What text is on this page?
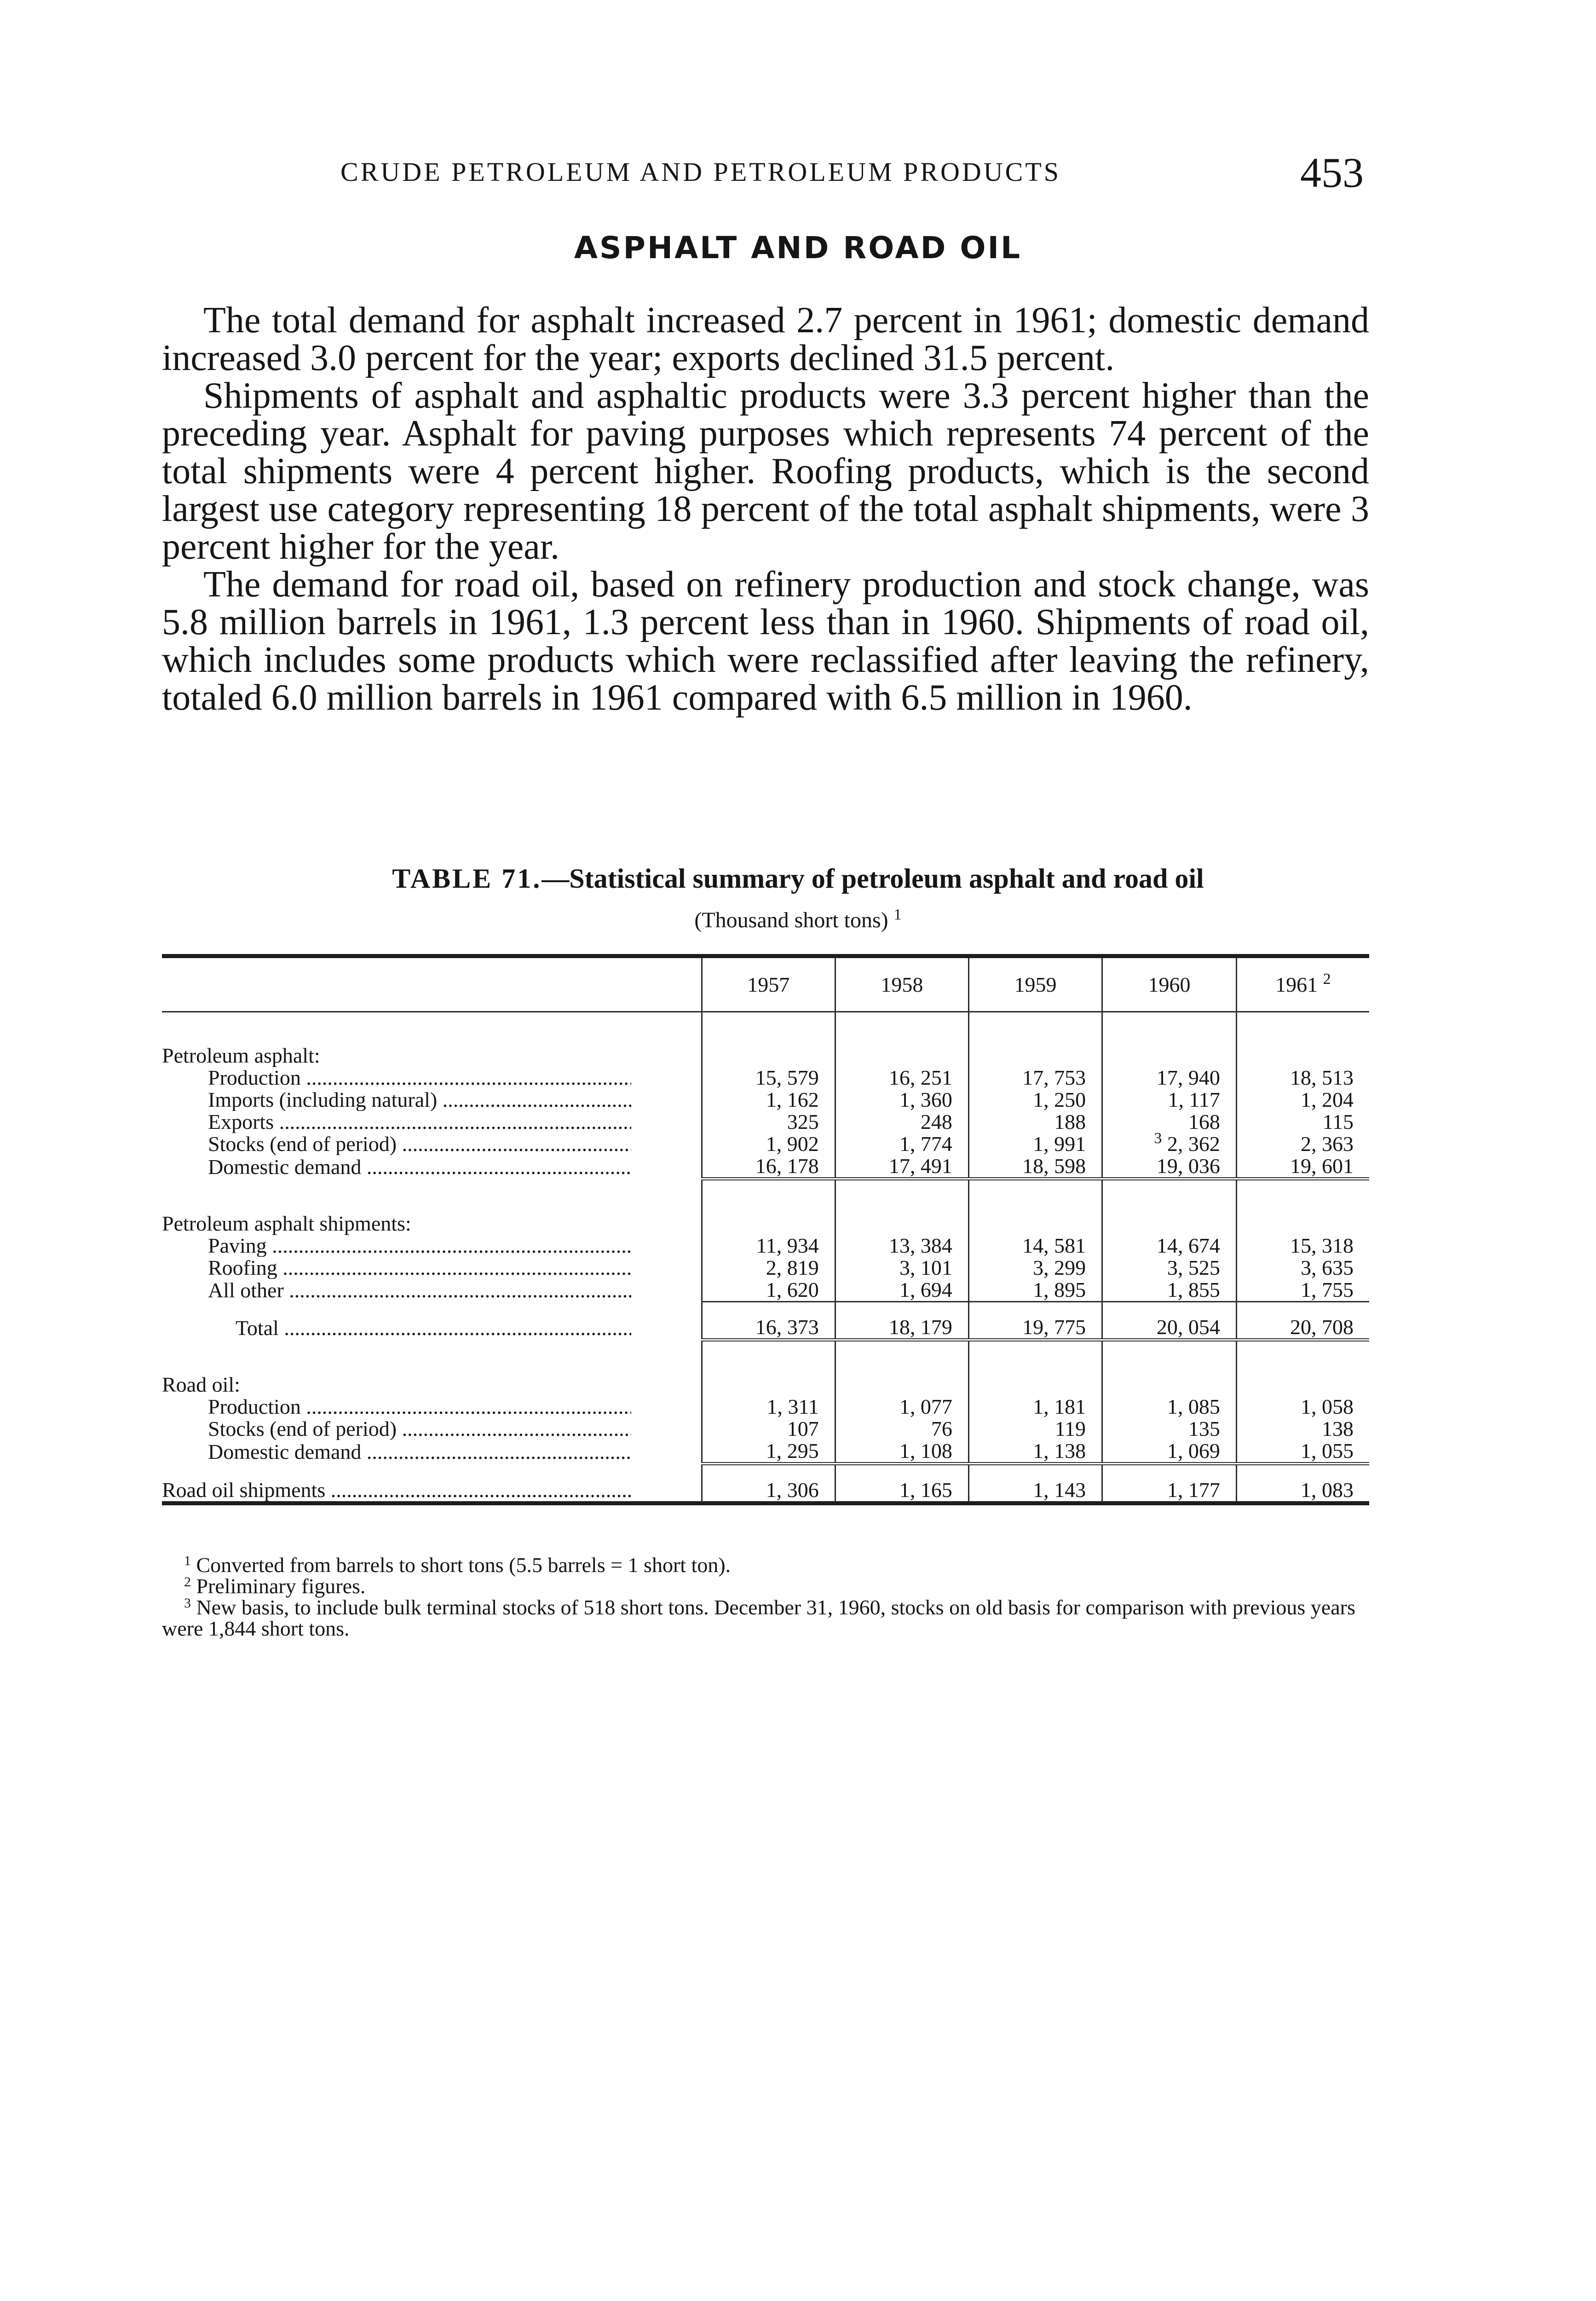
CRUDE PETROLEUM AND PETROLEUM PRODUCTS	453
ASPHALT AND ROAD OIL

The total demand for asphalt increased 2.7 percent in 1961; domestic demand increased 3.0 percent for the year; exports declined 31.5 percent.

Shipments of asphalt and asphaltic products were 3.3 percent higher than the preceding year. Asphalt for paving purposes which represents 74 percent of the total shipments were 4 percent higher. Roofing products, which is the second largest use category representing 18 percent of the total asphalt shipments, were 3 percent higher for the year.

The demand for road oil, based on refinery production and stock change, was 5.8 million barrels in 1961, 1.3 percent less than in 1960. Shipments of road oil, which includes some products which were reclassified after leaving the refinery, totaled 6.0 million barrels in 1961 compared with 6.5 million in 1960.

TABLE 71.—Statistical summary of petroleum asphalt and road oil
(Thousand short tons) $^1$
	1957	1958	1959	1960	1961 $^2$

Petroleum asphalt:					
Production .....	15, 579	16, 251	17, 753	17, 940	18, 513
Imports (including natural) .....	1, 162	1, 360	1, 250	1, 117	1, 204
Exports .....	325	248	188	168	115
Stocks (end of period) .....	1, 902	1, 774	1, 991	$^3$ 2, 362	2, 363
Domestic demand .....	16, 178	17, 491	18, 598	19, 036	19, 601

Petroleum asphalt shipments:					
Paving .....	11, 934	13, 384	14, 581	14, 674	15, 318
Roofing .....	2, 819	3, 101	3, 299	3, 525	3, 635
All other .....	1, 620	1, 694	1, 895	1, 855	1, 755

Total .....	16, 373	18, 179	19, 775	20, 054	20, 708

Road oil:					
Production .....	1, 311	1, 077	1, 181	1, 085	1, 058
Stocks (end of period) .....	107	76	119	135	138
Domestic demand .....	1, 295	1, 108	1, 138	1, 069	1, 055

Road oil shipments .....	1, 306	1, 165	1, 143	1, 177	1, 083

$^1$ Converted from barrels to short tons (5.5 barrels = 1 short ton).

$^2$ Preliminary figures.

$^3$ New basis, to include bulk terminal stocks of 518 short tons. December 31, 1960, stocks on old basis for comparison with previous years were 1,844 short tons.
